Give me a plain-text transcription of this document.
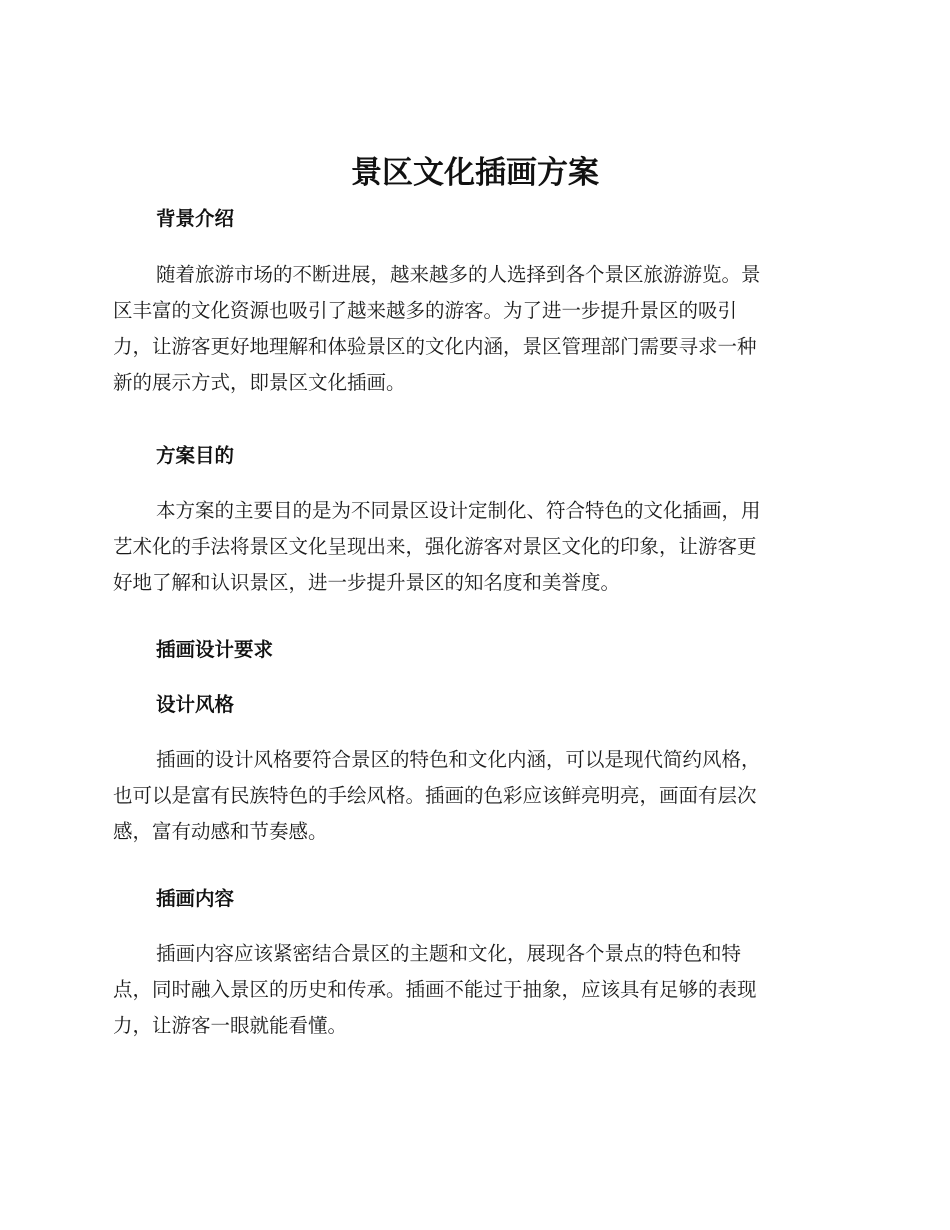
景区文化插画方案
背景介绍
随着旅游市场的不断进展，越来越多的人选择到各个景区旅游游览。景
区丰富的文化资源也吸引了越来越多的游客。为了进一步提升景区的吸引
力，让游客更好地理解和体验景区的文化内涵，景区管理部门需要寻求一种
新的展示方式，即景区文化插画。
方案目的
本方案的主要目的是为不同景区设计定制化、符合特色的文化插画，用
艺术化的手法将景区文化呈现出来，强化游客对景区文化的印象，让游客更
好地了解和认识景区，进一步提升景区的知名度和美誉度。
插画设计要求
设计风格
插画的设计风格要符合景区的特色和文化内涵，可以是现代简约风格，
也可以是富有民族特色的手绘风格。插画的色彩应该鲜亮明亮，画面有层次
感，富有动感和节奏感。
插画内容
插画内容应该紧密结合景区的主题和文化，展现各个景点的特色和特
点，同时融入景区的历史和传承。插画不能过于抽象，应该具有足够的表现
力，让游客一眼就能看懂。
